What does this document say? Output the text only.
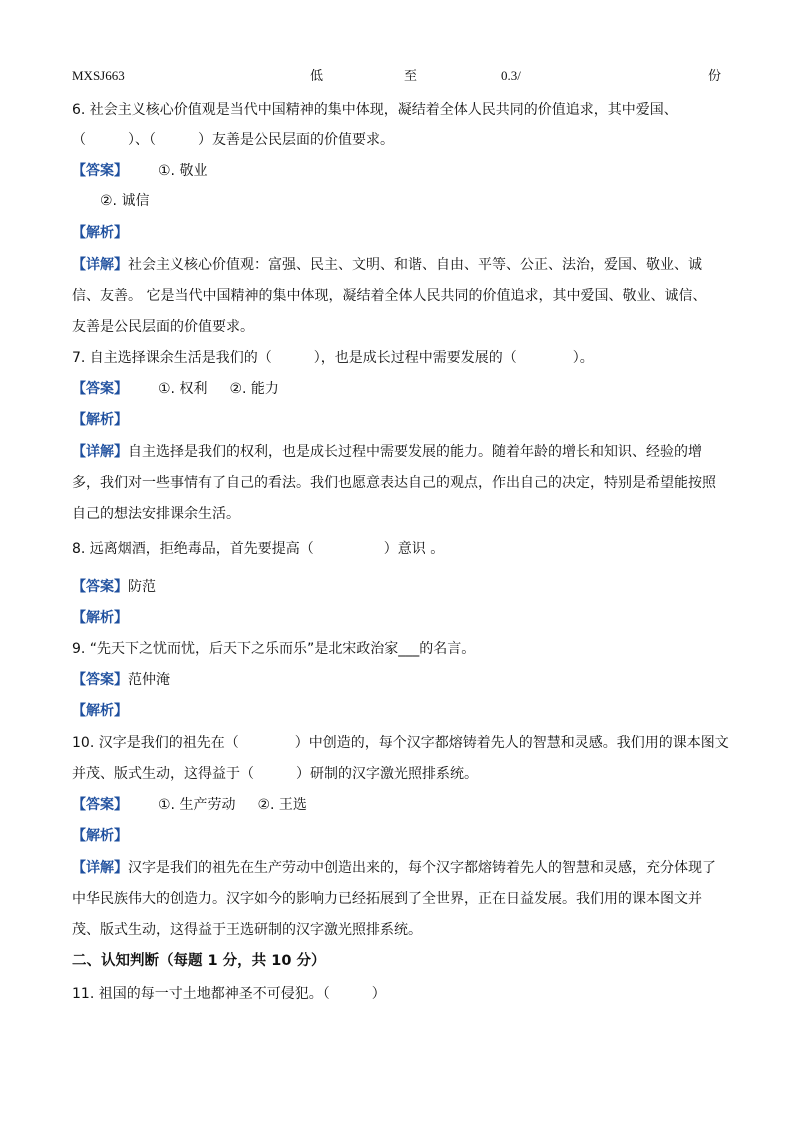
MXSJ663	低	至	0.3/	份
6. 社会主义核心价值观是当代中国精神的集中体现，凝结着全体人民共同的价值追求，其中爱国、
（　　　）、（　　　）友善是公民层面的价值要求。
【答案】 ①. 敬业
②. 诚信
【解析】
【详解】社会主义核心价值观：富强、民主、文明、和谐、自由、平等、公正、法治，爱国、敬业、诚
信、友善。 它是当代中国精神的集中体现，凝结着全体人民共同的价值追求，其中爱国、敬业、诚信、
友善是公民层面的价值要求。
7. 自主选择课余生活是我们的（　　　），也是成长过程中需要发展的（　　　　）。
【答案】 ①. 权利 ②. 能力
【解析】
【详解】自主选择是我们的权利，也是成长过程中需要发展的能力。随着年龄的增长和知识、经验的增
多，我们对一些事情有了自己的看法。我们也愿意表达自己的观点，作出自己的决定，特别是希望能按照
自己的想法安排课余生活。
8. 远离烟酒，拒绝毒品，首先要提高（　　　　　）意识 。
【答案】防范
【解析】
9. “先天下之忧而忧，后天下之乐而乐”是北宋政治家___的名言。
【答案】范仲淹
【解析】
10. 汉字是我们的祖先在（　　　　）中创造的，每个汉字都熔铸着先人的智慧和灵感。我们用的课本图文
并茂、版式生动，这得益于（　　　）研制的汉字激光照排系统。
【答案】 ①. 生产劳动 ②. 王选
【解析】
【详解】汉字是我们的祖先在生产劳动中创造出来的，每个汉字都熔铸着先人的智慧和灵感，充分体现了
中华民族伟大的创造力。汉字如今的影响力已经拓展到了全世界，正在日益发展。我们用的课本图文并
茂、版式生动，这得益于王选研制的汉字激光照排系统。
二、认知判断（每题 1 分，共 10 分）
11. 祖国的每一寸土地都神圣不可侵犯。（　　　）
